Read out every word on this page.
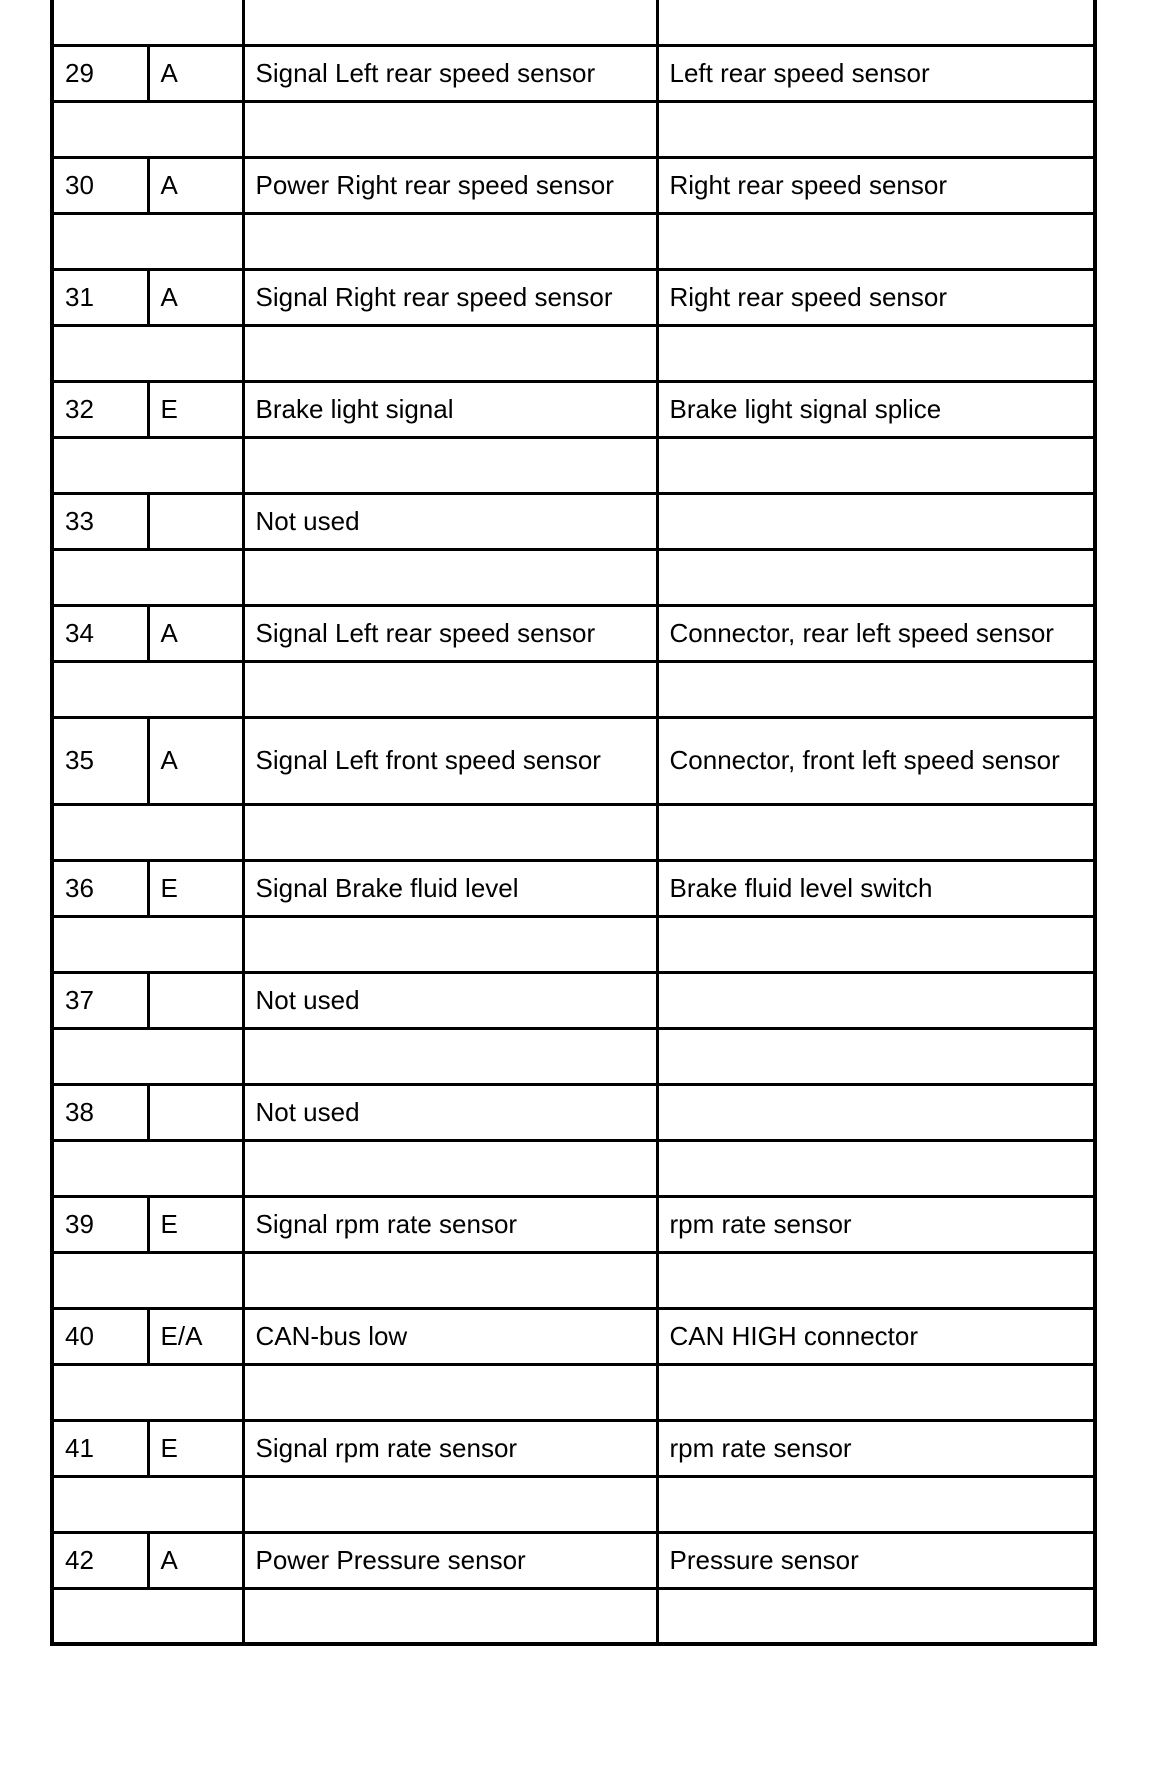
29	A	Signal Left rear speed sensor	Left rear speed sensor

30	A	Power Right rear speed sensor	Right rear speed sensor

31	A	Signal Right rear speed sensor	Right rear speed sensor

32	E	Brake light signal	Brake light signal splice

33		Not used	

34	A	Signal Left rear speed sensor	Connector, rear left speed sensor

35	A	Signal Left front speed sensor	Connector, front left speed sensor

36	E	Signal Brake fluid level	Brake fluid level switch

37		Not used	

38		Not used	

39	E	Signal rpm rate sensor	rpm rate sensor

40	E/A	CAN-bus low	CAN HIGH connector

41	E	Signal rpm rate sensor	rpm rate sensor

42	A	Power Pressure sensor	Pressure sensor
